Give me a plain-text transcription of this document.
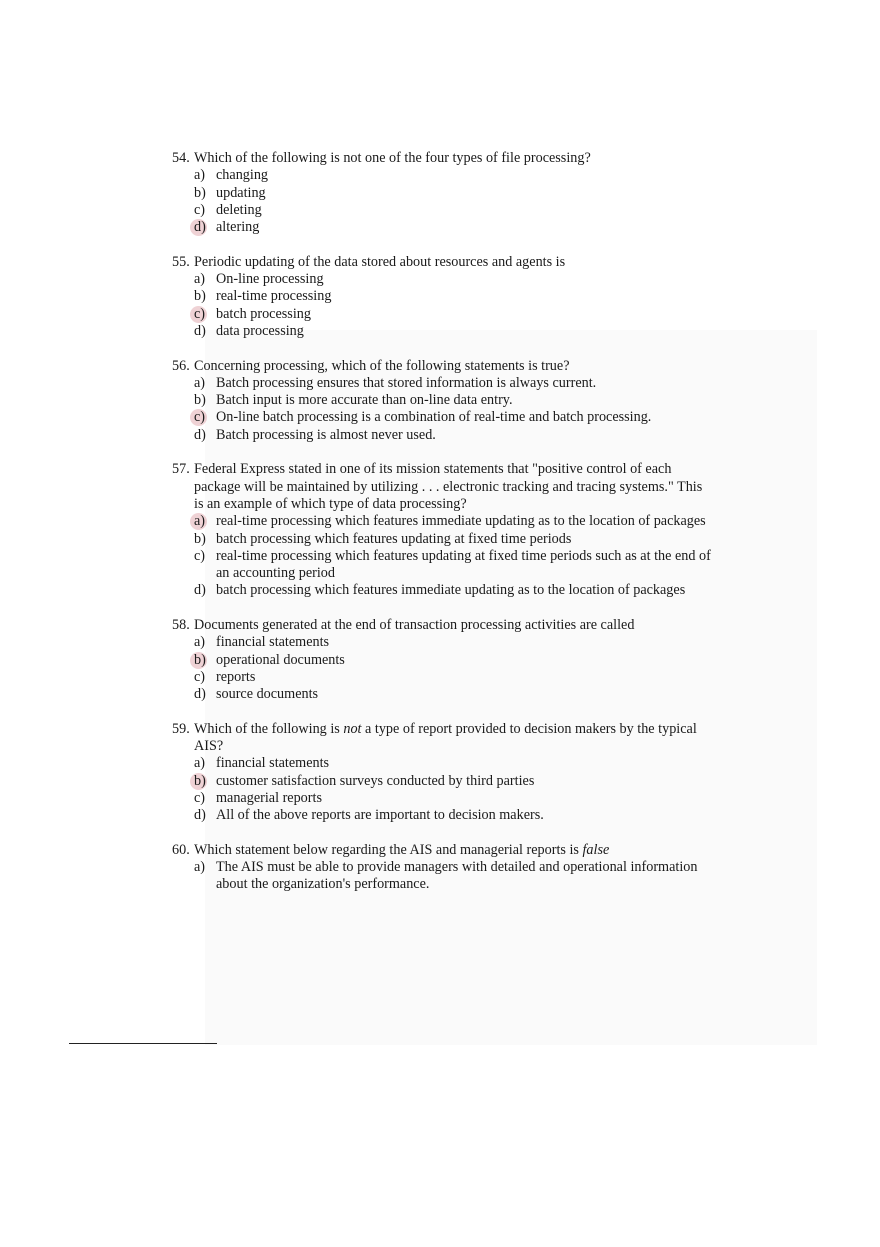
54. Which of the following is not one of the four types of file processing?
a) changing
b) updating
c) deleting
d) altering
55. Periodic updating of the data stored about resources and agents is
a) On-line processing
b) real-time processing
c) batch processing
d) data processing
56. Concerning processing, which of the following statements is true?
a) Batch processing ensures that stored information is always current.
b) Batch input is more accurate than on-line data entry.
c) On-line batch processing is a combination of real-time and batch processing.
d) Batch processing is almost never used.
57. Federal Express stated in one of its mission statements that "positive control of each package will be maintained by utilizing . . . electronic tracking and tracing systems." This is an example of which type of data processing?
a) real-time processing which features immediate updating as to the location of packages
b) batch processing which features updating at fixed time periods
c) real-time processing which features updating at fixed time periods such as at the end of an accounting period
d) batch processing which features immediate updating as to the location of packages
58. Documents generated at the end of transaction processing activities are called
a) financial statements
b) operational documents
c) reports
d) source documents
59. Which of the following is not a type of report provided to decision makers by the typical AIS?
a) financial statements
b) customer satisfaction surveys conducted by third parties
c) managerial reports
d) All of the above reports are important to decision makers.
60. Which statement below regarding the AIS and managerial reports is false
a) The AIS must be able to provide managers with detailed and operational information about the organization's performance.
